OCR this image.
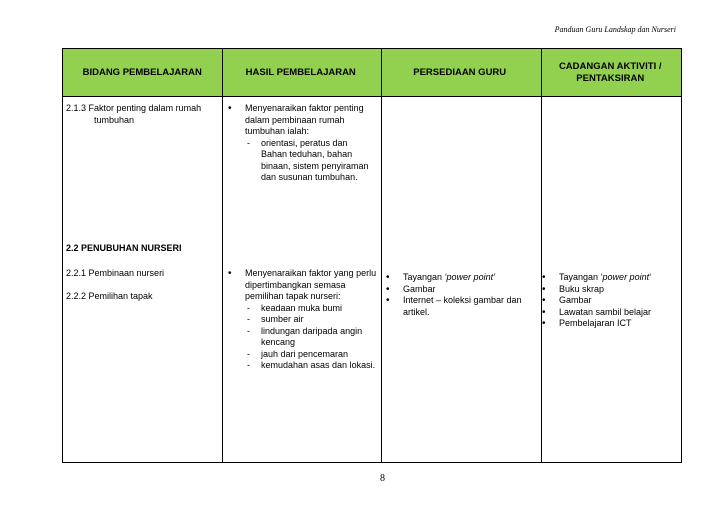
Panduan Guru Landskap dan Nurseri
BIDANG PEMBELAJARAN	HASIL PEMBELAJARAN	PERSEDIAAN GURU
CADANGAN AKTIVITI / PENTAKSIRAN
2.1.3 Faktor penting dalam rumah
tumbuhan
• Menyenaraikan faktor penting dalam pembinaan rumah tumbuhan ialah:
- orientasi, peratus dan Bahan teduhan, bahan binaan, sistem penyiraman dan susunan tumbuhan.
2.2 PENUBUHAN NURSERI
2.2.1 Pembinaan nurseri
2.2.2 Pemilihan tapak
• Menyenaraikan faktor yang perlu dipertimbangkan semasa pemilihan tapak nurseri:
- keadaan muka bumi
- sumber air
- lindungan daripada angin kencang
- jauh dari pencemaran
- kemudahan asas dan lokasi.
• Tayangan ‘power point’
• Gambar
• Internet – koleksi gambar dan artikel.
• Tayangan ‘power point’
• Buku skrap
• Gambar
• Lawatan sambil belajar
• Pembelajaran ICT
8
